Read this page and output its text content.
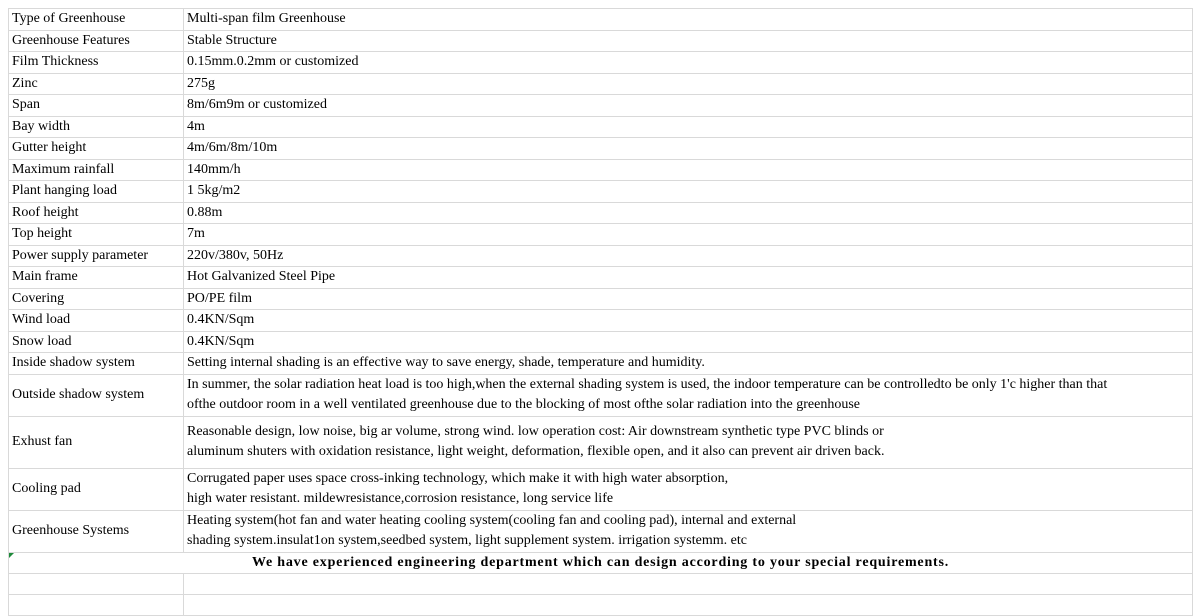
Type of Greenhouse	Multi-span film Greenhouse

Greenhouse Features	Stable Structure

Film Thickness	0.15mm.0.2mm or customized

Zinc	275g

Span	8m/6m9m or customized

Bay width	4m

Gutter height	4m/6m/8m/10m

Maximum rainfall	140mm/h

Plant hanging load	1 5kg/m2

Roof height	0.88m

Top height	7m

Power supply parameter	220v/380v, 50Hz

Main frame	Hot Galvanized Steel Pipe

Covering	PO/PE film

Wind load	0.4KN/Sqm

Snow load	0.4KN/Sqm

Inside shadow system	Setting internal shading is an effective way to save energy, shade, temperature and humidity.

Outside shadow system	In summer, the solar radiation heat load is too high,when the external shading system is used, the indoor temperature can be controlledto be only 1'c higher than that
ofthe outdoor room in a well ventilated greenhouse due to the blocking of most ofthe solar radiation into the greenhouse

Exhust fan	Reasonable design, low noise, big ar volume, strong wind. low operation cost: Air downstream synthetic type PVC blinds or
aluminum shuters with oxidation resistance, light weight, deformation, flexible open, and it also can prevent air driven back.

Cooling pad	Corrugated paper uses space cross-inking technology, which make it with high water absorption,
high water resistant. mildewresistance,corrosion resistance, long service life

Greenhouse Systems	Heating system(hot fan and water heating cooling system(cooling fan and cooling pad), internal and external
shading system.insulat1on system,seedbed system, light supplement system. irrigation systemm. etc

We have experienced engineering department which can design according to your special requirements.	
